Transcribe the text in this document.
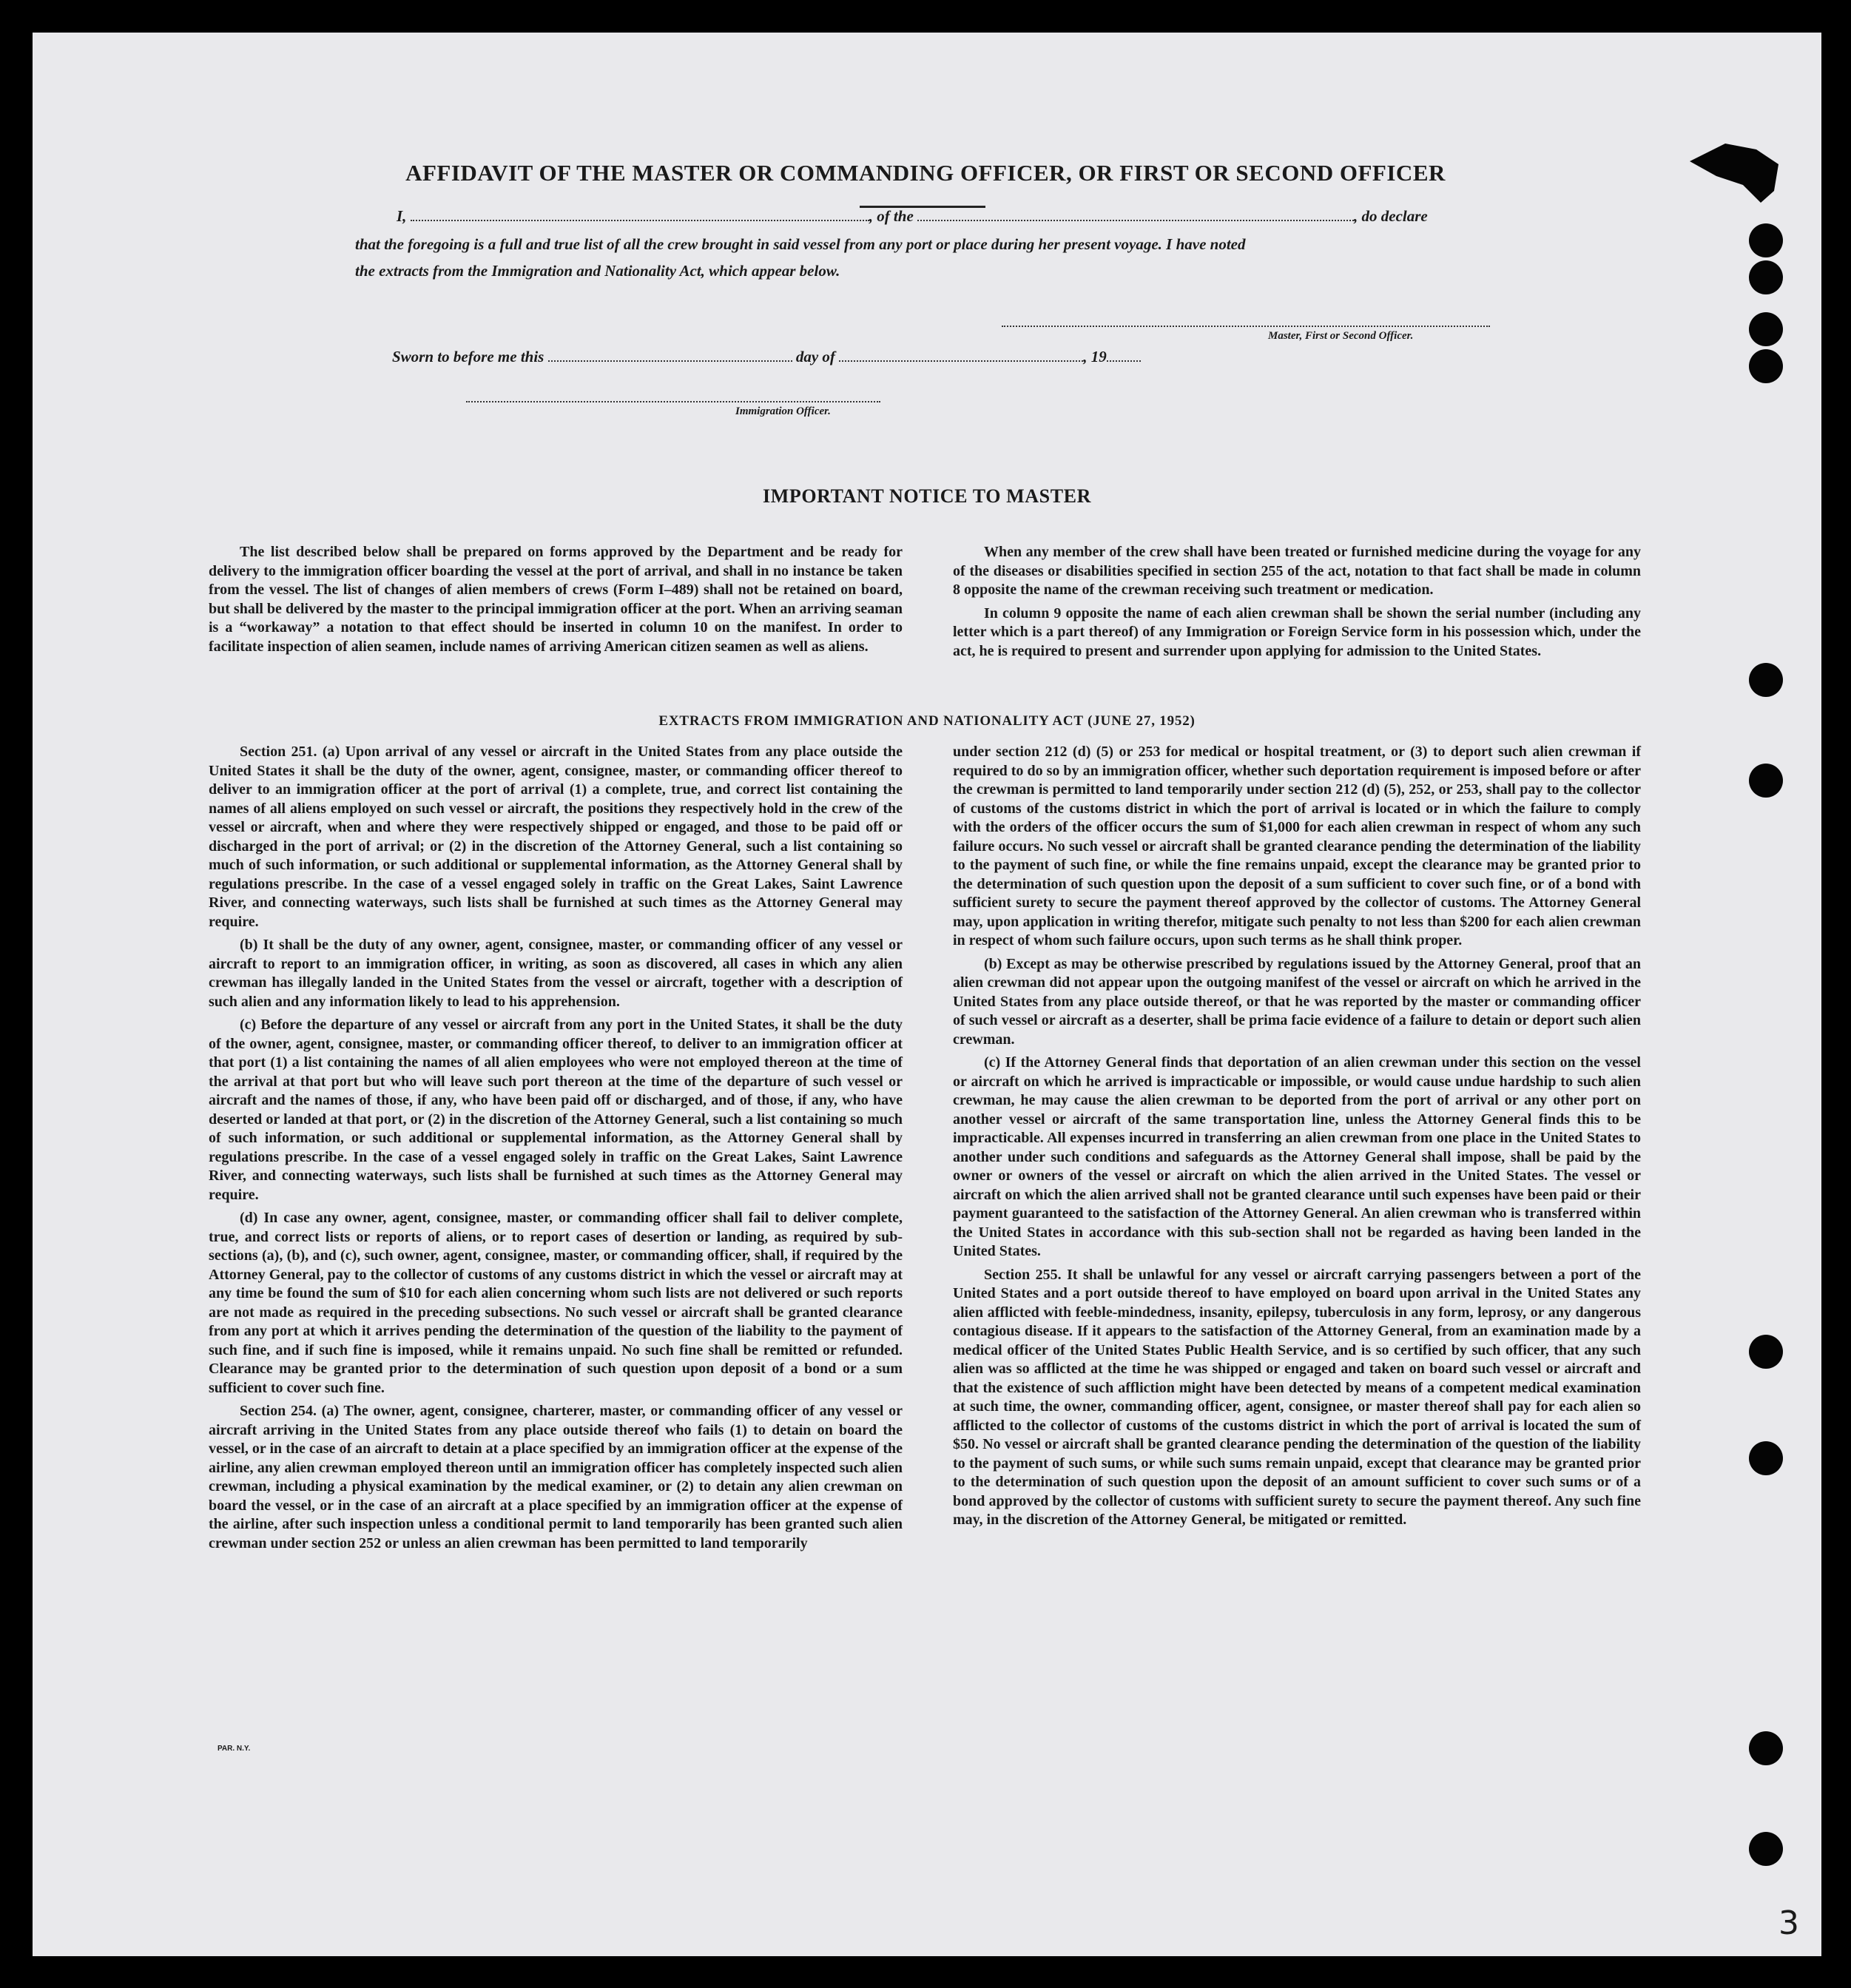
AFFIDAVIT OF THE MASTER OR COMMANDING OFFICER, OR FIRST OR SECOND OFFICER
I,	, of the	, do declare
that the foregoing is a full and true list of all the crew brought in said vessel from any port or place during her present voyage. I have noted
the extracts from the Immigration and Nationality Act, which appear below.
Master, First or Second Officer.
Sworn to before me this	day of	, 19
Immigration Officer.
IMPORTANT NOTICE TO MASTER

The list described below shall be prepared on forms approved by the Department and be ready for delivery to the immigration officer boarding the vessel at the port of arrival, and shall in no instance be taken from the vessel. The list of changes of alien members of crews (Form I–489) shall not be retained on board, but shall be delivered by the master to the principal immigration officer at the port. When an arriving seaman is a “workaway” a notation to that effect should be inserted in column 10 on the manifest. In order to facilitate inspection of alien seamen, include names of arriving American citizen seamen as well as aliens.

When any member of the crew shall have been treated or furnished medicine during the voyage for any of the diseases or disabilities specified in section 255 of the act, notation to that fact shall be made in column 8 opposite the name of the crewman receiving such treatment or medication.

In column 9 opposite the name of each alien crewman shall be shown the serial number (including any letter which is a part thereof) of any Immigration or Foreign Service form in his possession which, under the act, he is required to present and surrender upon applying for admission to the United States.

EXTRACTS FROM IMMIGRATION AND NATIONALITY ACT (JUNE 27, 1952)

Section 251. (a) Upon arrival of any vessel or aircraft in the United States from any place outside the United States it shall be the duty of the owner, agent, consignee, master, or commanding officer thereof to deliver to an immigration officer at the port of arrival (1) a complete, true, and correct list containing the names of all aliens employed on such vessel or aircraft, the positions they respectively hold in the crew of the vessel or aircraft, when and where they were respectively shipped or engaged, and those to be paid off or discharged in the port of arrival; or (2) in the discretion of the Attorney General, such a list containing so much of such information, or such additional or supplemental information, as the Attorney General shall by regulations prescribe. In the case of a vessel engaged solely in traffic on the Great Lakes, Saint Lawrence River, and connecting waterways, such lists shall be furnished at such times as the Attorney General may require.

(b) It shall be the duty of any owner, agent, consignee, master, or commanding officer of any vessel or aircraft to report to an immigration officer, in writing, as soon as discovered, all cases in which any alien crewman has illegally landed in the United States from the vessel or aircraft, together with a description of such alien and any information likely to lead to his apprehension.

(c) Before the departure of any vessel or aircraft from any port in the United States, it shall be the duty of the owner, agent, consignee, master, or commanding officer thereof, to deliver to an immigration officer at that port (1) a list containing the names of all alien employees who were not employed thereon at the time of the arrival at that port but who will leave such port thereon at the time of the departure of such vessel or aircraft and the names of those, if any, who have been paid off or discharged, and of those, if any, who have deserted or landed at that port, or (2) in the discretion of the Attorney General, such a list containing so much of such information, or such additional or supplemental information, as the Attorney General shall by regulations prescribe. In the case of a vessel engaged solely in traffic on the Great Lakes, Saint Lawrence River, and connecting waterways, such lists shall be furnished at such times as the Attorney General may require.

(d) In case any owner, agent, consignee, master, or commanding officer shall fail to deliver complete, true, and correct lists or reports of aliens, or to report cases of desertion or landing, as required by sub-sections (a), (b), and (c), such owner, agent, consignee, master, or commanding officer, shall, if required by the Attorney General, pay to the collector of customs of any customs district in which the vessel or aircraft may at any time be found the sum of $10 for each alien concerning whom such lists are not delivered or such reports are not made as required in the preceding subsections. No such vessel or aircraft shall be granted clearance from any port at which it arrives pending the determination of the question of the liability to the payment of such fine, and if such fine is imposed, while it remains unpaid. No such fine shall be remitted or refunded. Clearance may be granted prior to the determination of such question upon deposit of a bond or a sum sufficient to cover such fine.

Section 254. (a) The owner, agent, consignee, charterer, master, or commanding officer of any vessel or aircraft arriving in the United States from any place outside thereof who fails (1) to detain on board the vessel, or in the case of an aircraft to detain at a place specified by an immigration officer at the expense of the airline, any alien crewman employed thereon until an immigration officer has completely inspected such alien crewman, including a physical examination by the medical examiner, or (2) to detain any alien crewman on board the vessel, or in the case of an aircraft at a place specified by an immigration officer at the expense of the airline, after such inspection unless a conditional permit to land temporarily has been granted such alien crewman under section 252 or unless an alien crewman has been permitted to land temporarily

under section 212 (d) (5) or 253 for medical or hospital treatment, or (3) to deport such alien crewman if required to do so by an immigration officer, whether such deportation requirement is imposed before or after the crewman is permitted to land temporarily under section 212 (d) (5), 252, or 253, shall pay to the collector of customs of the customs district in which the port of arrival is located or in which the failure to comply with the orders of the officer occurs the sum of $1,000 for each alien crewman in respect of whom any such failure occurs. No such vessel or aircraft shall be granted clearance pending the determination of the liability to the payment of such fine, or while the fine remains unpaid, except the clearance may be granted prior to the determination of such question upon the deposit of a sum sufficient to cover such fine, or of a bond with sufficient surety to secure the payment thereof approved by the collector of customs. The Attorney General may, upon application in writing therefor, mitigate such penalty to not less than $200 for each alien crewman in respect of whom such failure occurs, upon such terms as he shall think proper.

(b) Except as may be otherwise prescribed by regulations issued by the Attorney General, proof that an alien crewman did not appear upon the outgoing manifest of the vessel or aircraft on which he arrived in the United States from any place outside thereof, or that he was reported by the master or commanding officer of such vessel or aircraft as a deserter, shall be prima facie evidence of a failure to detain or deport such alien crewman.

(c) If the Attorney General finds that deportation of an alien crewman under this section on the vessel or aircraft on which he arrived is impracticable or impossible, or would cause undue hardship to such alien crewman, he may cause the alien crewman to be deported from the port of arrival or any other port on another vessel or aircraft of the same transportation line, unless the Attorney General finds this to be impracticable. All expenses incurred in transferring an alien crewman from one place in the United States to another under such conditions and safeguards as the Attorney General shall impose, shall be paid by the owner or owners of the vessel or aircraft on which the alien arrived in the United States. The vessel or aircraft on which the alien arrived shall not be granted clearance until such expenses have been paid or their payment guaranteed to the satisfaction of the Attorney General. An alien crewman who is transferred within the United States in accordance with this sub-section shall not be regarded as having been landed in the United States.

Section 255. It shall be unlawful for any vessel or aircraft carrying passengers between a port of the United States and a port outside thereof to have employed on board upon arrival in the United States any alien afflicted with feeble-mindedness, insanity, epilepsy, tuberculosis in any form, leprosy, or any dangerous contagious disease. If it appears to the satisfaction of the Attorney General, from an examination made by a medical officer of the United States Public Health Service, and is so certified by such officer, that any such alien was so afflicted at the time he was shipped or engaged and taken on board such vessel or aircraft and that the existence of such affliction might have been detected by means of a competent medical examination at such time, the owner, commanding officer, agent, consignee, or master thereof shall pay for each alien so afflicted to the collector of customs of the customs district in which the port of arrival is located the sum of $50. No vessel or aircraft shall be granted clearance pending the determination of the question of the liability to the payment of such sums, or while such sums remain unpaid, except that clearance may be granted prior to the determination of such question upon the deposit of an amount sufficient to cover such sums or of a bond approved by the collector of customs with sufficient surety to secure the payment thereof. Any such fine may, in the discretion of the Attorney General, be mitigated or remitted.

PAR. N.Y.
3
